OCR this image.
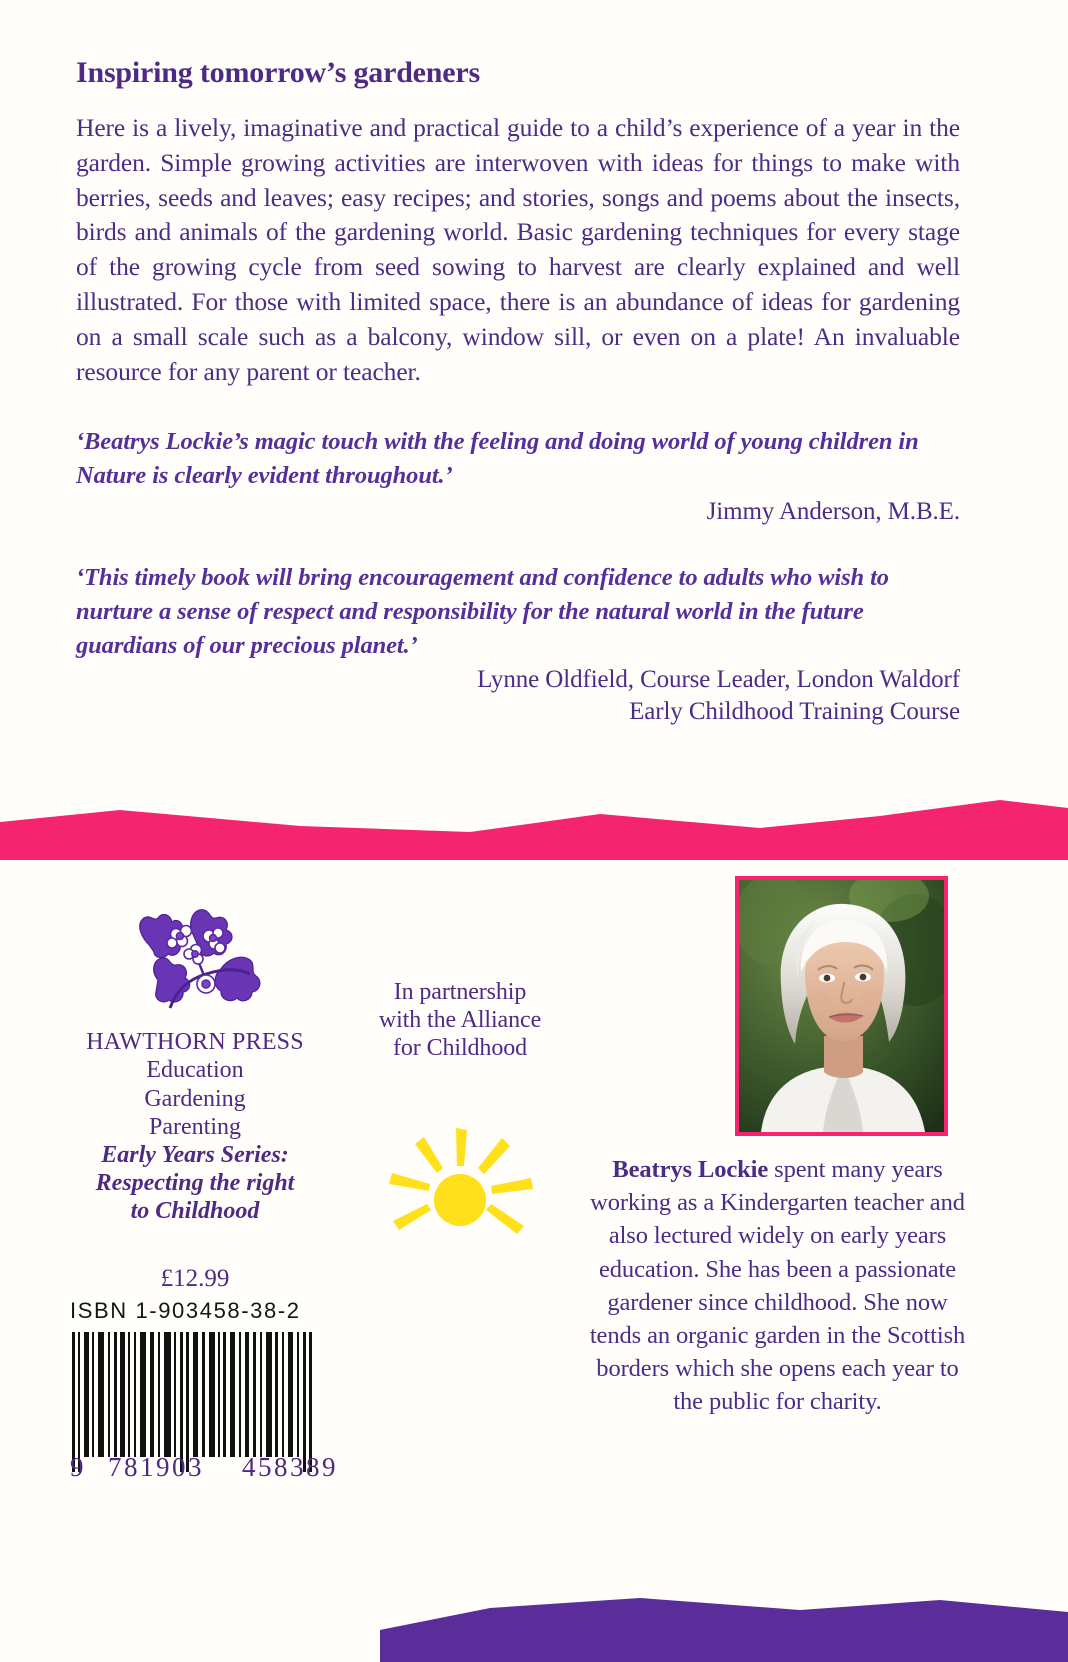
Inspiring tomorrow’s gardeners

Here is a lively, imaginative and practical guide to a child’s experience of a year in the garden. Simple growing activities are interwoven with ideas for things to make with berries, seeds and leaves; easy recipes; and stories, songs and poems about the insects, birds and animals of the gardening world. Basic gardening techniques for every stage of the growing cycle from seed sowing to harvest are clearly explained and well illustrated. For those with limited space, there is an abundance of ideas for gardening on a small scale such as a balcony, window sill, or even on a plate! An invaluable resource for any parent or teacher.

‘Beatrys Lockie’s magic touch with the feeling and doing world of young children in Nature is clearly evident throughout.’

Jimmy Anderson, M.B.E.

‘This timely book will bring encouragement and confidence to adults who wish to nurture a sense of respect and responsibility for the natural world in the future guardians of our precious planet.’

Lynne Oldfield, Course Leader, London Waldorf

Early Childhood Training Course

HAWTHORN PRESS

Education

Gardening

Parenting

Early Years Series:

Respecting the right

to Childhood

£12.99

ISBN 1-903458-38-2

9 781903 458389

In partnership

with the Alliance

for Childhood

Beatrys Lockie spent many years working as a Kindergarten teacher and also lectured widely on early years education. She has been a passionate gardener since childhood. She now tends an organic garden in the Scottish borders which she opens each year to the public for charity.
